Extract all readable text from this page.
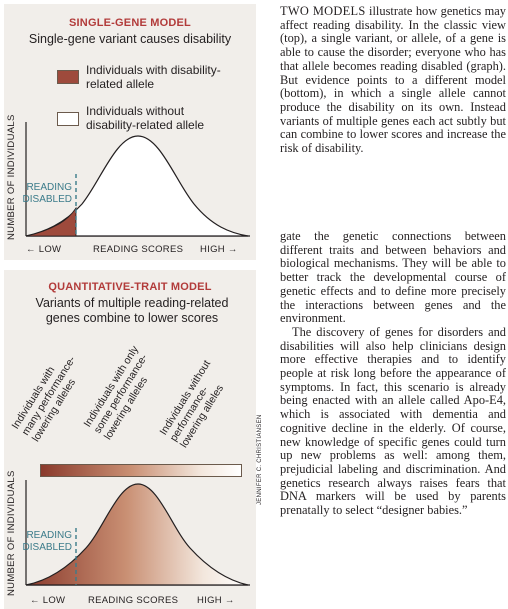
SINGLE-GENE MODEL
Single-gene variant causes disability
Individuals with disability-related allele
Individuals without disability-related allele
READING DISABLED
NUMBER OF INDIVIDUALS
← LOW	READING SCORES HIGH →
QUANTITATIVE-TRAIT MODEL
Variants of multiple reading-related genes combine to lower scores
Individuals with many performance-lowering alleles Individuals with only some performance-lowering alleles Individuals without performance-lowering alleles
READING DISABLED
NUMBER OF INDIVIDUALS
← LOW READING SCORES HIGH →
JENNIFER C. CHRISTIANSEN
TWO MODELS illustrate how genetics may affect reading disability. In the classic view (top), a single variant, or allele, of a gene is able to cause the disorder; everyone who has that allele becomes reading disabled (graph). But evidence points to a different model (bottom), in which a single allele cannot produce the disability on its own. Instead variants of multiple genes each act subtly but can combine to lower scores and increase the risk of disability.

gate the genetic connections between different traits and between behaviors and biological mechanisms. They will be able to better track the developmental course of genetic effects and to define more precisely the interactions between genes and the environment.

The discovery of genes for disorders and disabilities will also help clinicians design more effective therapies and to identify people at risk long before the appearance of symptoms. In fact, this scenario is already being enacted with an allele called Apo-E4, which is associated with dementia and cognitive decline in the elderly. Of course, new knowledge of specific genes could turn up new problems as well: among them, prejudicial labeling and discrimination. And genetics research always raises fears that DNA markers will be used by parents prenatally to select “designer babies.”
